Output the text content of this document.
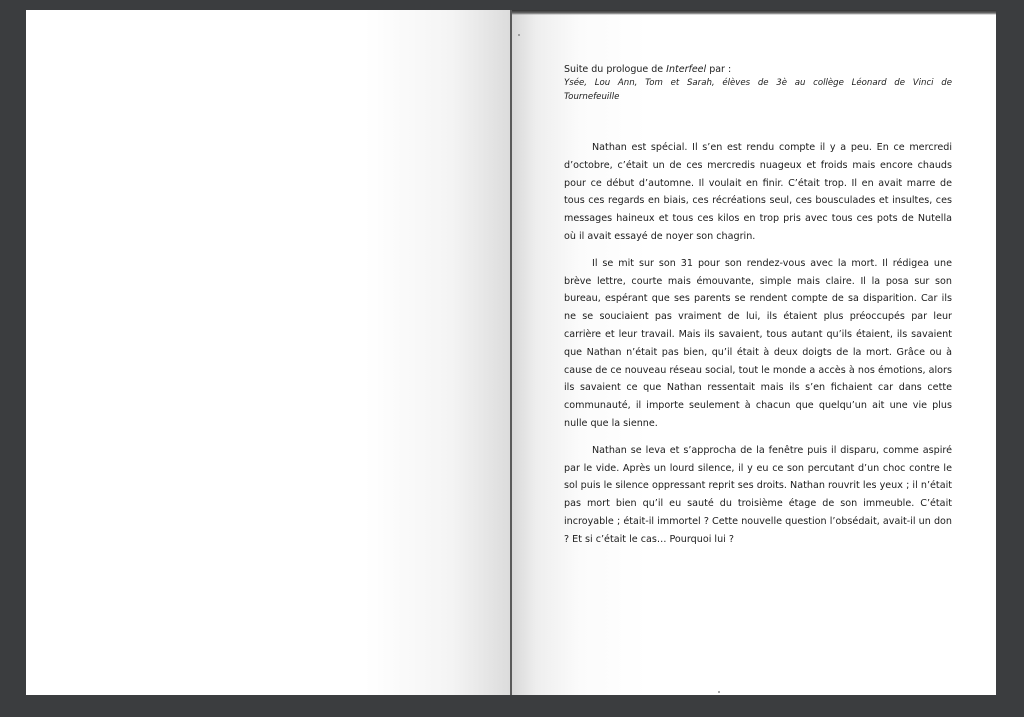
Suite du prologue de Interfeel par :

Ysée, Lou Ann, Tom et Sarah, élèves de 3è au collège Léonard de Vinci de Tournefeuille

Nathan est spécial. Il s’en est rendu compte il y a peu. En ce mercredi d’octobre, c’était un de ces mercredis nuageux et froids mais encore chauds pour ce début d’automne. Il voulait en finir. C’était trop. Il en avait marre de tous ces regards en biais, ces récréations seul, ces bousculades et insultes, ces messages haineux et tous ces kilos en trop pris avec tous ces pots de Nutella où il avait essayé de noyer son chagrin.

Il se mit sur son 31 pour son rendez-vous avec la mort. Il rédigea une brève lettre, courte mais émouvante, simple mais claire. Il la posa sur son bureau, espérant que ses parents se rendent compte de sa disparition. Car ils ne se souciaient pas vraiment de lui, ils étaient plus préoccupés par leur carrière et leur travail. Mais ils savaient, tous autant qu’ils étaient, ils savaient que Nathan n’était pas bien, qu’il était à deux doigts de la mort. Grâce ou à cause de ce nouveau réseau social, tout le monde a accès à nos émotions, alors ils savaient ce que Nathan ressentait mais ils s’en fichaient car dans cette communauté, il importe seulement à chacun que quelqu’un ait une vie plus nulle que la sienne.

Nathan se leva et s’approcha de la fenêtre puis il disparu, comme aspiré par le vide. Après un lourd silence, il y eu ce son percutant d’un choc contre le sol puis le silence oppressant reprit ses droits. Nathan rouvrit les yeux ; il n’était pas mort bien qu’il eu sauté du troisième étage de son immeuble. C’était incroyable ; était-il immortel ? Cette nouvelle question l’obsédait, avait-il un don ? Et si c’était le cas… Pourquoi lui ?
